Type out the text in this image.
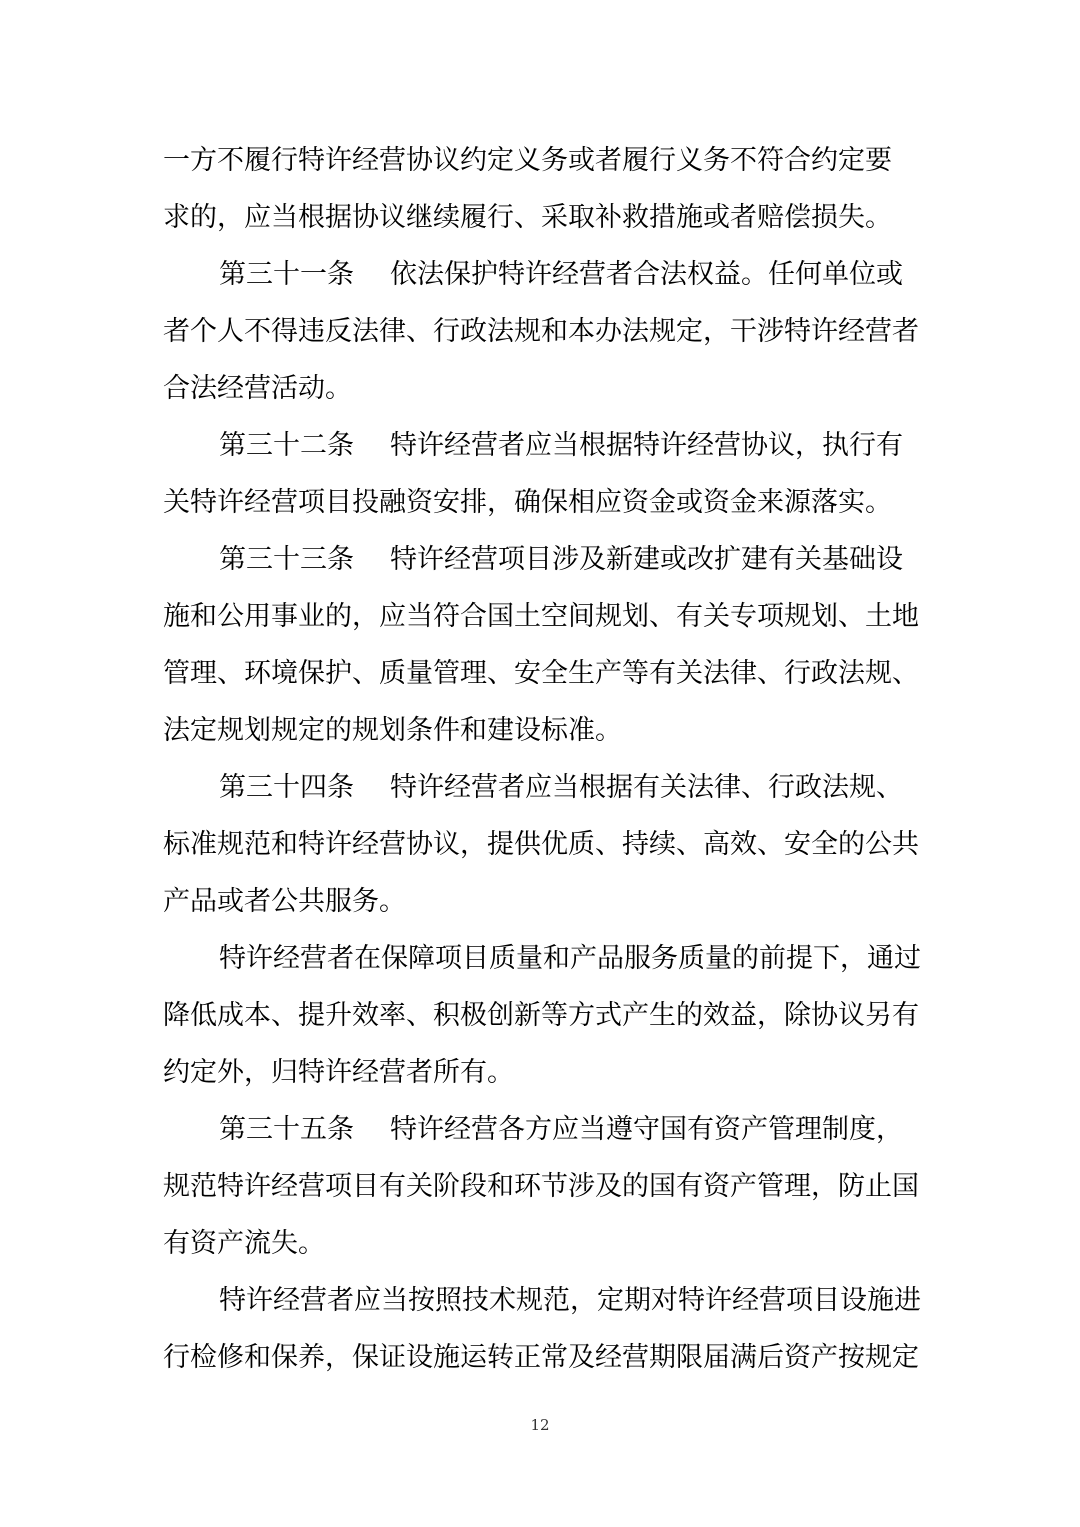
一方不履行特许经营协议约定义务或者履行义务不符合约定要
求的，应当根据协议继续履行、采取补救措施或者赔偿损失。
第三十一条 依法保护特许经营者合法权益。任何单位或
者个人不得违反法律、行政法规和本办法规定，干涉特许经营者
合法经营活动。
第三十二条 特许经营者应当根据特许经营协议，执行有
关特许经营项目投融资安排，确保相应资金或资金来源落实。
第三十三条 特许经营项目涉及新建或改扩建有关基础设
施和公用事业的，应当符合国土空间规划、有关专项规划、土地
管理、环境保护、质量管理、安全生产等有关法律、行政法规、
法定规划规定的规划条件和建设标准。
第三十四条 特许经营者应当根据有关法律、行政法规、
标准规范和特许经营协议，提供优质、持续、高效、安全的公共
产品或者公共服务。
特许经营者在保障项目质量和产品服务质量的前提下，通过
降低成本、提升效率、积极创新等方式产生的效益，除协议另有
约定外，归特许经营者所有。
第三十五条 特许经营各方应当遵守国有资产管理制度，
规范特许经营项目有关阶段和环节涉及的国有资产管理，防止国
有资产流失。
特许经营者应当按照技术规范，定期对特许经营项目设施进
行检修和保养，保证设施运转正常及经营期限届满后资产按规定
12
